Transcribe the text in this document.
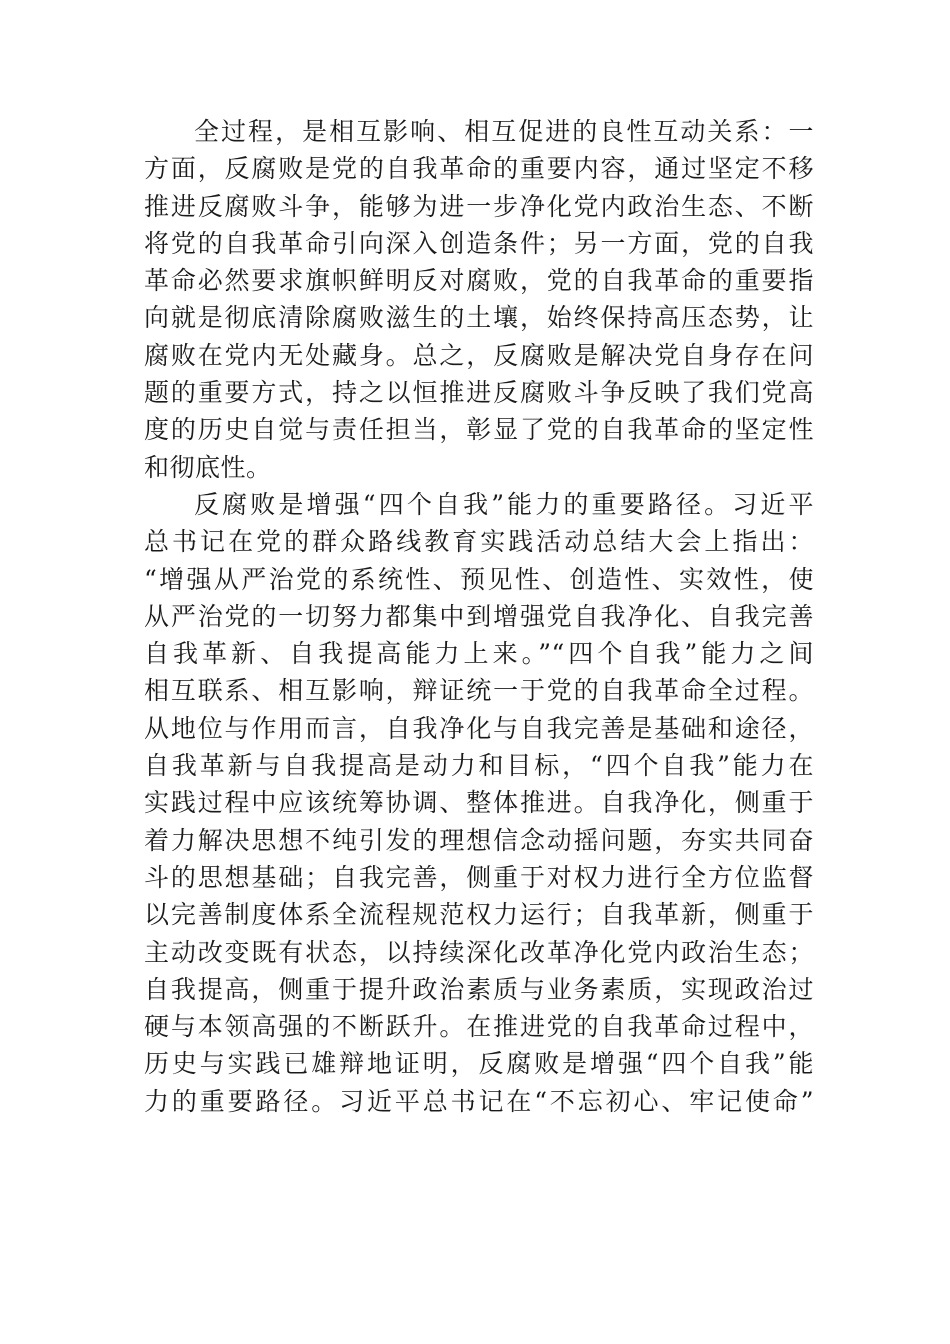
全过程，是相互影响、相互促进的良性互动关系：一
方面，反腐败是党的自我革命的重要内容，通过坚定不移
推进反腐败斗争，能够为进一步净化党内政治生态、不断
将党的自我革命引向深入创造条件；另一方面，党的自我
革命必然要求旗帜鲜明反对腐败，党的自我革命的重要指
向就是彻底清除腐败滋生的土壤，始终保持高压态势，让
腐败在党内无处藏身。总之，反腐败是解决党自身存在问
题的重要方式，持之以恒推进反腐败斗争反映了我们党高
度的历史自觉与责任担当，彰显了党的自我革命的坚定性
和彻底性。
反腐败是增强“四个自我”能力的重要路径。习近平
总书记在党的群众路线教育实践活动总结大会上指出：
“增强从严治党的系统性、预见性、创造性、实效性，使
从严治党的一切努力都集中到增强党自我净化、自我完善
自我革新、自我提高能力上来。”“四个自我”能力之间
相互联系、相互影响，辩证统一于党的自我革命全过程。
从地位与作用而言，自我净化与自我完善是基础和途径，
自我革新与自我提高是动力和目标，“四个自我”能力在
实践过程中应该统筹协调、整体推进。自我净化，侧重于
着力解决思想不纯引发的理想信念动摇问题，夯实共同奋
斗的思想基础；自我完善，侧重于对权力进行全方位监督
以完善制度体系全流程规范权力运行；自我革新，侧重于
主动改变既有状态，以持续深化改革净化党内政治生态；
自我提高，侧重于提升政治素质与业务素质，实现政治过
硬与本领高强的不断跃升。在推进党的自我革命过程中，
历史与实践已雄辩地证明，反腐败是增强“四个自我”能
力的重要路径。习近平总书记在“不忘初心、牢记使命”
